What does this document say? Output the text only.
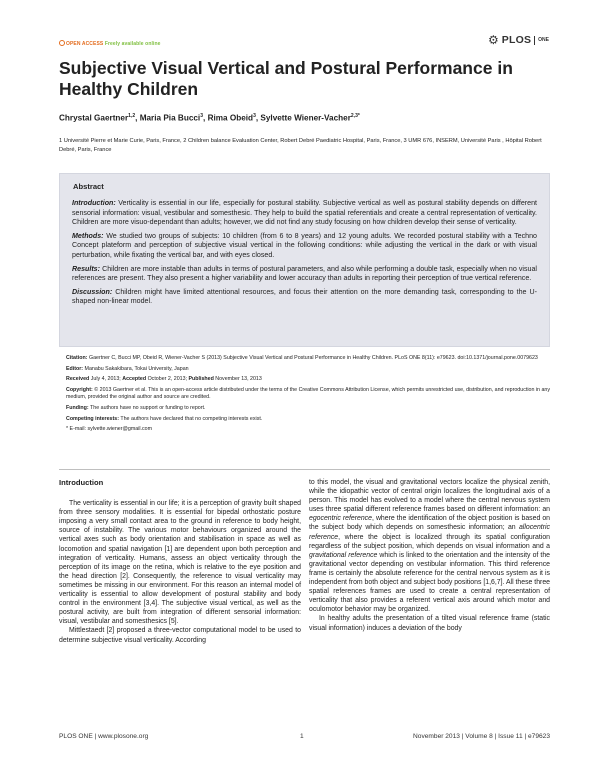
OPEN ACCESS Freely available online	⚙ PLOS ONE
Subjective Visual Vertical and Postural Performance in Healthy Children
Chrystal Gaertner$^{1,2}$, Maria Pia Bucci$^3$, Rima Obeid$^3$, Sylvette Wiener-Vacher$^{2,3*}$
1 Université Pierre et Marie Curie, Paris, France, 2 Children balance Evaluation Center, Robert Debré Paediatric Hospital, Paris, France, 3 UMR 676, INSERM, Université Paris , Hôpital Robert Debré, Paris, France
Abstract

Introduction: Verticality is essential in our life, especially for postural stability. Subjective vertical as well as postural stability depends on different sensorial information: visual, vestibular and somesthesic. They help to build the spatial referentials and create a central representation of verticality. Children are more visuo-dependant than adults; however, we did not find any study focusing on how children develop their sense of verticality.

Methods: We studied two groups of subjects: 10 children (from 6 to 8 years) and 12 young adults. We recorded postural stability with a Techno Concept plateform and perception of subjective visual vertical in the following conditions: while adjusting the vertical in the dark or with visual perturbation, while fixating the vertical bar, and with eyes closed.

Results: Children are more instable than adults in terms of postural parameters, and also while performing a double task, especially when no visual references are present. They also present a higher variability and lower accuracy than adults in reporting their perception of true vertical reference.

Discussion: Children might have limited attentional resources, and focus their attention on the more demanding task, corresponding to the U-shaped non-linear model.

Citation: Gaertner C, Bucci MP, Obeid R, Wiener-Vacher S (2013) Subjective Visual Vertical and Postural Performance in Healthy Children. PLoS ONE 8(11): e79623. doi:10.1371/journal.pone.0079623
Editor: Manabu Sakakibara, Tokai University, Japan
Received July 4, 2013; Accepted October 2, 2013; Published November 13, 2013
Copyright: © 2013 Gaertner et al. This is an open-access article distributed under the terms of the Creative Commons Attribution License, which permits unrestricted use, distribution, and reproduction in any medium, provided the original author and source are credited.
Funding: The authors have no support or funding to report.
Competing interests: The authors have declared that no competing interests exist.
* E-mail: sylvette.wiener@gmail.com
Introduction

The verticality is essential in our life; it is a perception of gravity built shaped from three sensory modalities. It is essential for bipedal orthostatic posture imposing a very small contact area to the ground in reference to body height, source of instability. The various motor behaviours organized around the vertical axes such as body orientation and stabilisation in space as well as locomotion and spatial navigation [1] are dependent upon both perception and integration of verticality. Humans, assess an object verticality through the perception of its image on the retina, which is relative to the eye position and the head direction [2]. Consequently, the reference to visual verticality may sometimes be missing in our environment. For this reason an internal model of verticality is essential to allow development of postural stability and body control in the environment [3,4]. The subjective visual vertical, as well as the postural activity, are built from integration of different sensorial information: visual, vestibular and somesthesics [5].

Mittlestaedt [2] proposed a three-vector computational model to be used to determine subjective visual verticality. According

to this model, the visual and gravitational vectors localize the physical zenith, while the idiopathic vector of central origin localizes the longitudinal axis of a person. This model has evolved to a model where the central nervous system uses three spatial different reference frames based on different information: an egocentric reference, where the identification of the object position is based on the subject body which depends on somesthesic information; an allocentric reference, where the object is localized through its spatial configuration regardless of the subject position, which depends on visual information and a gravitational reference which is linked to the orientation and the intensity of the gravitational vector depending on vestibular information. This third reference frame is certainly the absolute reference for the central nervous system as it is independent from both object and subject body positions [1,6,7]. All these three spatial references frames are used to create a central representation of verticality that also provides a referent vertical axis around which motor and oculomotor behavior may be organized.

In healthy adults the presentation of a tilted visual reference frame (static visual information) induces a deviation of the body

PLOS ONE | www.plosone.org	1	November 2013 | Volume 8 | Issue 11 | e79623
